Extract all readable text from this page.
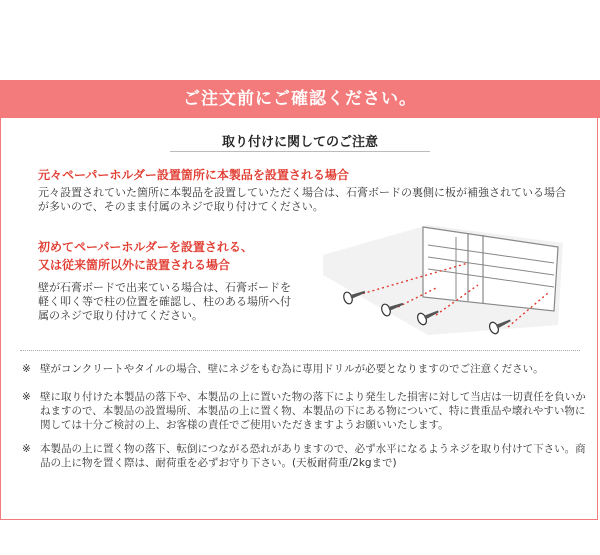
ご注文前にご確認ください。
取り付けに関してのご注意
元々ペーパーホルダー設置箇所に本製品を設置される場合
元々設置されていた箇所に本製品を設置していただく場合は、石膏ボードの裏側に板が補強されている場合が多いので、そのまま付属のネジで取り付けてください。
初めてペーパーホルダーを設置される、
又は従来箇所以外に設置される場合
壁が石膏ボードで出来ている場合は、石膏ボードを軽く叩く等で柱の位置を確認し、柱のある場所へ付属のネジで取り付けてください。
※ 壁がコンクリートやタイルの場合、壁にネジをもむ為に専用ドリルが必要となりますのでご注意ください。
※ 壁に取り付けた本製品の落下や、本製品の上に置いた物の落下により発生した損害に対して当店は一切責任を負いかねますので、本製品の設置場所、本製品の上に置く物、本製品の下にある物について、特に貴重品や壊れやすい物に関しては十分ご検討の上、お客様の責任でご使用いただきますようお願いいたします。
※ 本製品の上に置く物の落下、転倒につながる恐れがありますので、必ず水平になるようネジを取り付けて下さい。商品の上に物を置く際は、耐荷重を必ずお守り下さい。(天板耐荷重/2kgまで)
